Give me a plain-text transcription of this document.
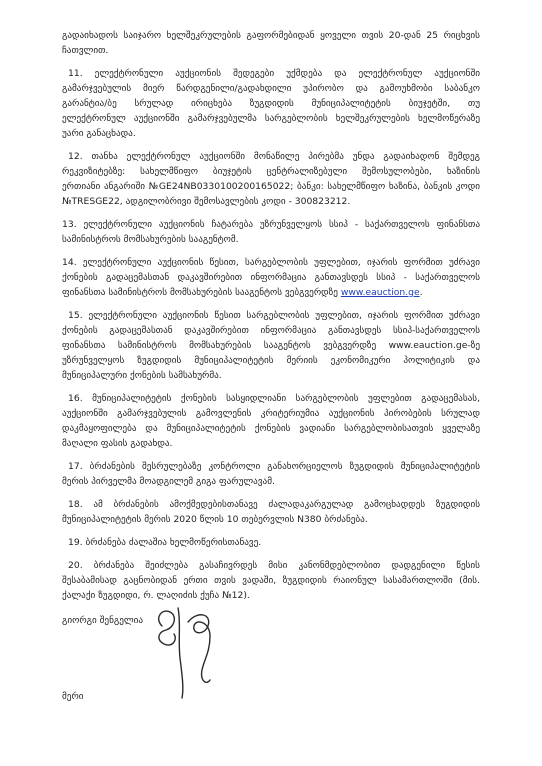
გადაიხადოს საიჯარო ხელშეკრულების გაფორმებიდან ყოველი თვის 20-დან 25 რიცხვის
ჩათვლით.
11. ელექტრონული აუქციონის შედეგები უქმდება და ელექტრონულ აუქციონში
გამარჯვებულის მიერ წარდგენილი/გადახდილი უპირობო და გამოუხმობი საბანკო
გარანტია/ბე სრულად ირიცხება ზუგდიდის მუნიციპალიტეტის ბიუჯეტში, თუ
ელექტრონულ აუქციონში გამარჯვებულმა სარგებლობის ხელშეკრულების ხელმოწერაზე
უარი განაცხადა.
12. თანხა ელექტრონულ აუქციონში მონაწილე პირებმა უნდა გადაიხადონ შემდეგ
რეკვიზიტებზე: სახელმწიფო ბიუჯეტის ცენტრალიზებული შემოსულობები, ხაზინის
ერთიანი ანგარიში №GE24NB0330100200165022; ბანკი: სახელმწიფო ხაზინა, ბანკის კოდი
№TRESGE22, ადგილობრივი შემოსავლების კოდი - 300823212.
13. ელექტრონული აუქციონის ჩატარება უზრუნველყოს სსიპ - საქართველოს ფინანსთა
სამინისტროს მომსახურების სააგენტომ.
14. ელექტრონული აუქციონის წესით, სარგებლობის უფლებით, იჯარის ფორმით უძრავი
ქონების გადაცემასთან დაკავშირებით ინფორმაცია განთავსდეს სსიპ - საქართველოს
ფინანსთა სამინისტროს მომსახურების სააგენტოს ვებგვერდზე www.eauction.ge.
15. ელექტრონული აუქციონის წესით სარგებლობის უფლებით, იჯარის ფორმით უძრავი
ქონების გადაცემასთან დაკავშირებით ინფორმაცია განთავსდეს სსიპ-საქართველოს
ფინანსთა სამინისტროს მომსახურების სააგენტოს ვებგვერდზე www.eauction.ge-ზე
უზრუნველყოს ზუგდიდის მუნიციპალიტეტის მერიის ეკონომიკური პოლიტიკის და
მუნიციპალური ქონების სამსახურმა.
16. მუნიციპალიტეტის ქონების სასყიდლიანი სარგებლობის უფლებით გადაცემასას,
აუქციონში გამარჯვებულის გამოვლენის კრიტერიუმია აუქციონის პირობების სრულად
დაკმაყოფილება და მუნიციპალიტეტის ქონების ვადიანი სარგებლობისათვის ყველაზე
მაღალი ფასის გადახდა.
17. ბრძანების შესრულებაზე კონტროლი განახორციელოს ზუგდიდის მუნიციპალიტეტის
მერის პირველმა მოადგილემ გიგა ფარულავამ.
18. ამ ბრძანების ამოქმედებისთანავე ძალადაკარგულად გამოცხადდეს ზუგდიდის
მუნიციპალიტეტის მერის 2020 წლის 10 თებერვლის N380 ბრძანება.
19. ბრძანება ძალაშია ხელმოწერისთანავე.
20. ბრძანება შეიძლება გასაჩივრდეს მისი კანონმდებლობით დადგენილი წესის
შესაბამისად გაცნობიდან ერთი თვის ვადაში, ზუგდიდის რაიონულ სასამართლოში (მის.
ქალაქი ზუგდიდი, რ. ლაღიძის ქუჩა №12).
გიორგი შენგელია
მერი
